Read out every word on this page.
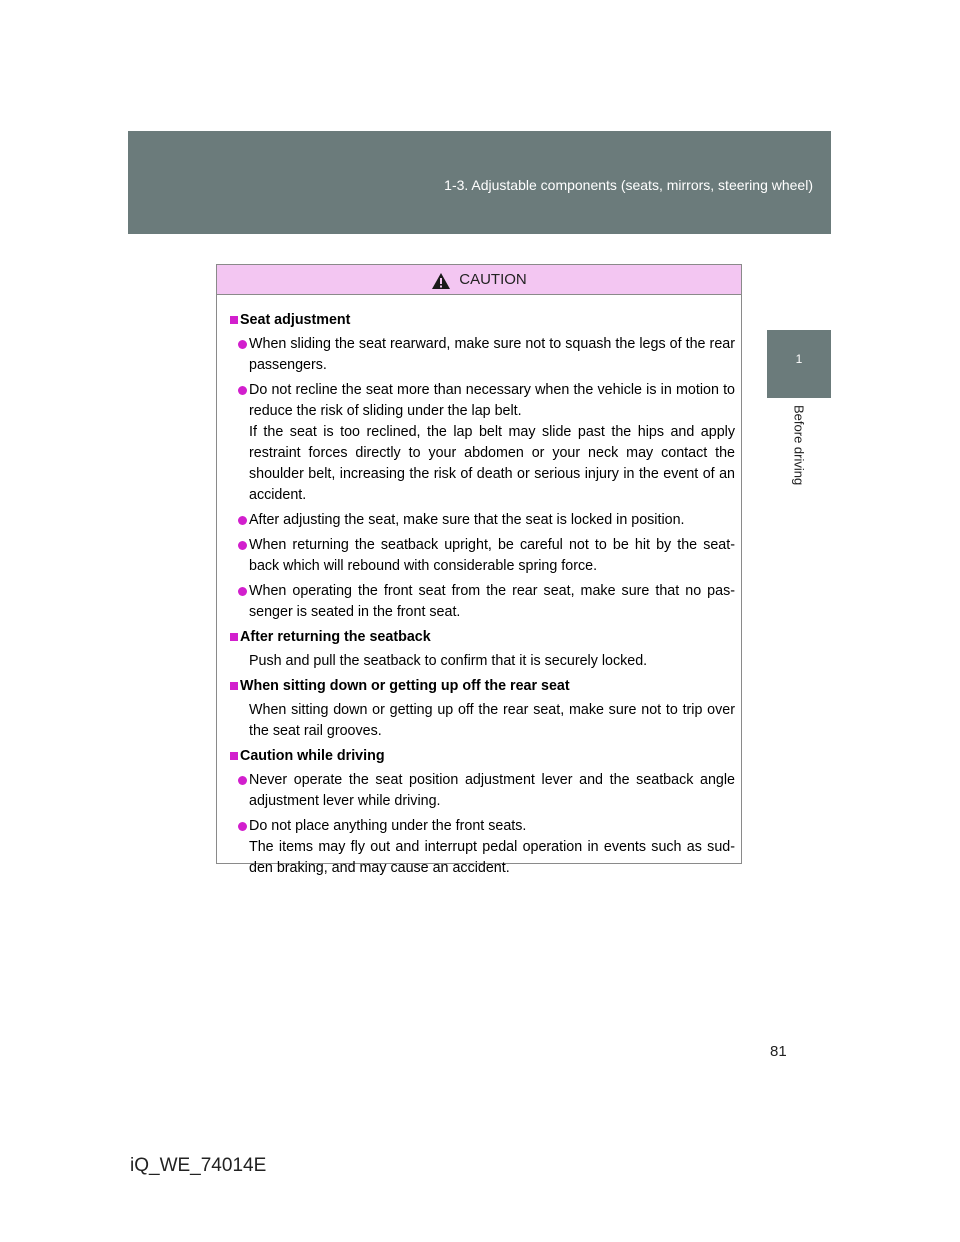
1-3. Adjustable components (seats, mirrors, steering wheel)
1
Before driving
CAUTION
Seat adjustment
When sliding the seat rearward, make sure not to squash the legs of the rear passengers.
Do not recline the seat more than necessary when the vehicle is in motion to reduce the risk of sliding under the lap belt.
If the seat is too reclined, the lap belt may slide past the hips and apply restraint forces directly to your abdomen or your neck may contact the shoulder belt, increasing the risk of death or serious injury in the event of an accident.
After adjusting the seat, make sure that the seat is locked in position.
When returning the seatback upright, be careful not to be hit by the seat-back which will rebound with considerable spring force.
When operating the front seat from the rear seat, make sure that no pas-senger is seated in the front seat.
After returning the seatback
Push and pull the seatback to confirm that it is securely locked.
When sitting down or getting up off the rear seat
When sitting down or getting up off the rear seat, make sure not to trip over the seat rail grooves.
Caution while driving
Never operate the seat position adjustment lever and the seatback angle adjustment lever while driving.
Do not place anything under the front seats.
The items may fly out and interrupt pedal operation in events such as sud-den braking, and may cause an accident.
81
iQ_WE_74014E
